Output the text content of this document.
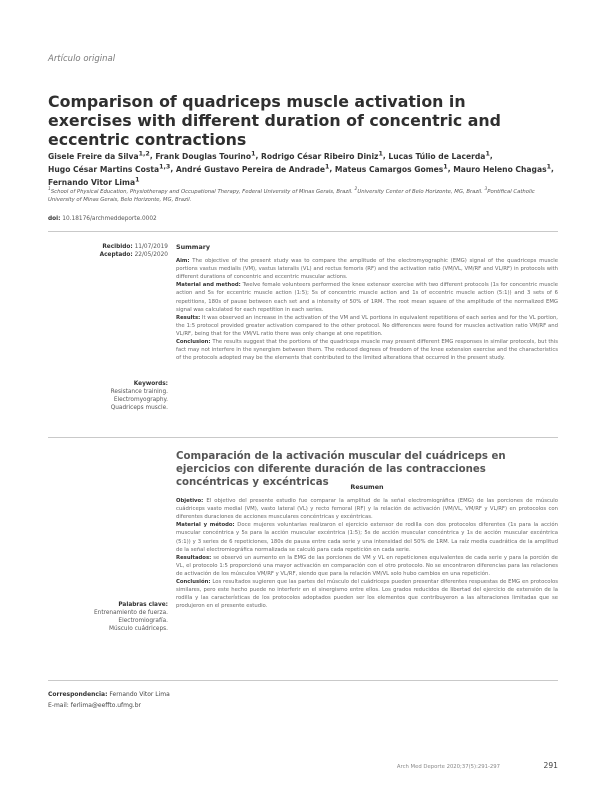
Artículo original
Comparison of quadriceps muscle activation in exercises with different duration of concentric and eccentric contractions
Gisele Freire da Silva$^{1,2}$, Frank Douglas Tourino$^1$, Rodrigo César Ribeiro Diniz$^1$, Lucas Túlio de Lacerda$^1$,
Hugo César Martins Costa$^{1,3}$, André Gustavo Pereira de Andrade$^1$, Mateus Camargos Gomes$^1$, Mauro Heleno Chagas$^1$,
Fernando Vitor Lima$^1$
$^1$School of Physical Education, Physiotherapy and Occupational Therapy, Federal University of Minas Gerais, Brazil. $^2$University Center of Belo Horizonte, MG, Brazil. $^3$Pontifical Catholic University of Minas Gerais, Belo Horizonte, MG, Brazil.
doi: 10.18176/archmeddeporte.0002
Recibido: 11/07/2019
Aceptado: 22/05/2020

Summary

Aim: The objective of the present study was to compare the amplitude of the electromyographic (EMG) signal of the quadriceps muscle portions vastus medialis (VM), vastus lateralis (VL) and rectus femoris (RF) and the activation ratio (VM/VL, VM/RF and VL/RF) in protocols with different durations of concentric and eccentric muscular actions.

Material and method: Twelve female volunteers performed the knee extensor exercise with two different protocols (1s for concentric muscle action and 5s for eccentric muscle action (1:5); 5s of concentric muscle action and 1s of eccentric muscle action (5:1)) and 3 sets of 6 repetitions, 180s of pause between each set and a intensity of 50% of 1RM. The root mean square of the amplitude of the normalized EMG signal was calculated for each repetition in each series.

Results: It was observed an increase in the activation of the VM and VL portions in equivalent repetitions of each series and for the VL portion, the 1:5 protocol provided greater activation compared to the other protocol. No differences were found for muscles activation ratio VM/RF and VL/RF, being that for the VM/VL ratio there was only change at one repetition.

Conclusion: The results suggest that the portions of the quadriceps muscle may present different EMG responses in similar protocols, but this fact may not interfere in the synergism between them. The reduced degrees of freedom of the knee extension exercise and the characteristics of the protocols adopted may be the elements that contributed to the limited alterations that occurred in the present study.

Keywords:
Resistance training.
Electromyography.
Quadriceps muscle.
Comparación de la activación muscular del cuádriceps en ejercicios con diferente duración de las contracciones concéntricas y excéntricas	Resumen

Objetivo: El objetivo del presente estudio fue comparar la amplitud de la señal electromiográfica (EMG) de las porciones de músculo cuádriceps vasto medial (VM), vasto lateral (VL) y recto femoral (RF) y la relación de activación (VM/VL, VM/RF y VL/RF) en protocolos con diferentes duraciones de acciones musculares concéntricas y excéntricas.

Material y método: Doce mujeres voluntarias realizaron el ejercicio extensor de rodilla con dos protocolos diferentes (1s para la acción muscular concéntrica y 5s para la acción muscular excéntrica (1:5); 5s de acción muscular concéntrica y 1s de acción muscular excéntrica (5:1)) y 3 series de 6 repeticiones, 180s de pausa entre cada serie y una intensidad del 50% de 1RM. La raíz media cuadrática de la amplitud de la señal electromiográfica normalizada se calculó para cada repetición en cada serie.

Resultados: se observó un aumento en la EMG de las porciones de VM y VL en repeticiones equivalentes de cada serie y para la porción de VL, el protocolo 1:5 proporcionó una mayor activación en comparación con el otro protocolo. No se encontraron diferencias para las relaciones de activación de los músculos VM/RF y VL/RF, siendo que para la relación VM/VL solo hubo cambios en una repetición.

Conclusión: Los resultados sugieren que las partes del músculo del cuádriceps pueden presentar diferentes respuestas de EMG en protocolos similares, pero este hecho puede no interferir en el sinergismo entre ellos. Los grados reducidos de libertad del ejercicio de extensión de la rodilla y las características de los protocolos adoptados pueden ser los elementos que contribuyeron a las alteraciones limitadas que se produjeron en el presente estudio.

Palabras clave:
Entrenamiento de fuerza.
Electromiografía.
Músculo cuádriceps.
Correspondencia: Fernando Vitor Lima
E-mail: ferlima@eeffto.ufmg.br
Arch Med Deporte 2020;37(5):291-297	291
